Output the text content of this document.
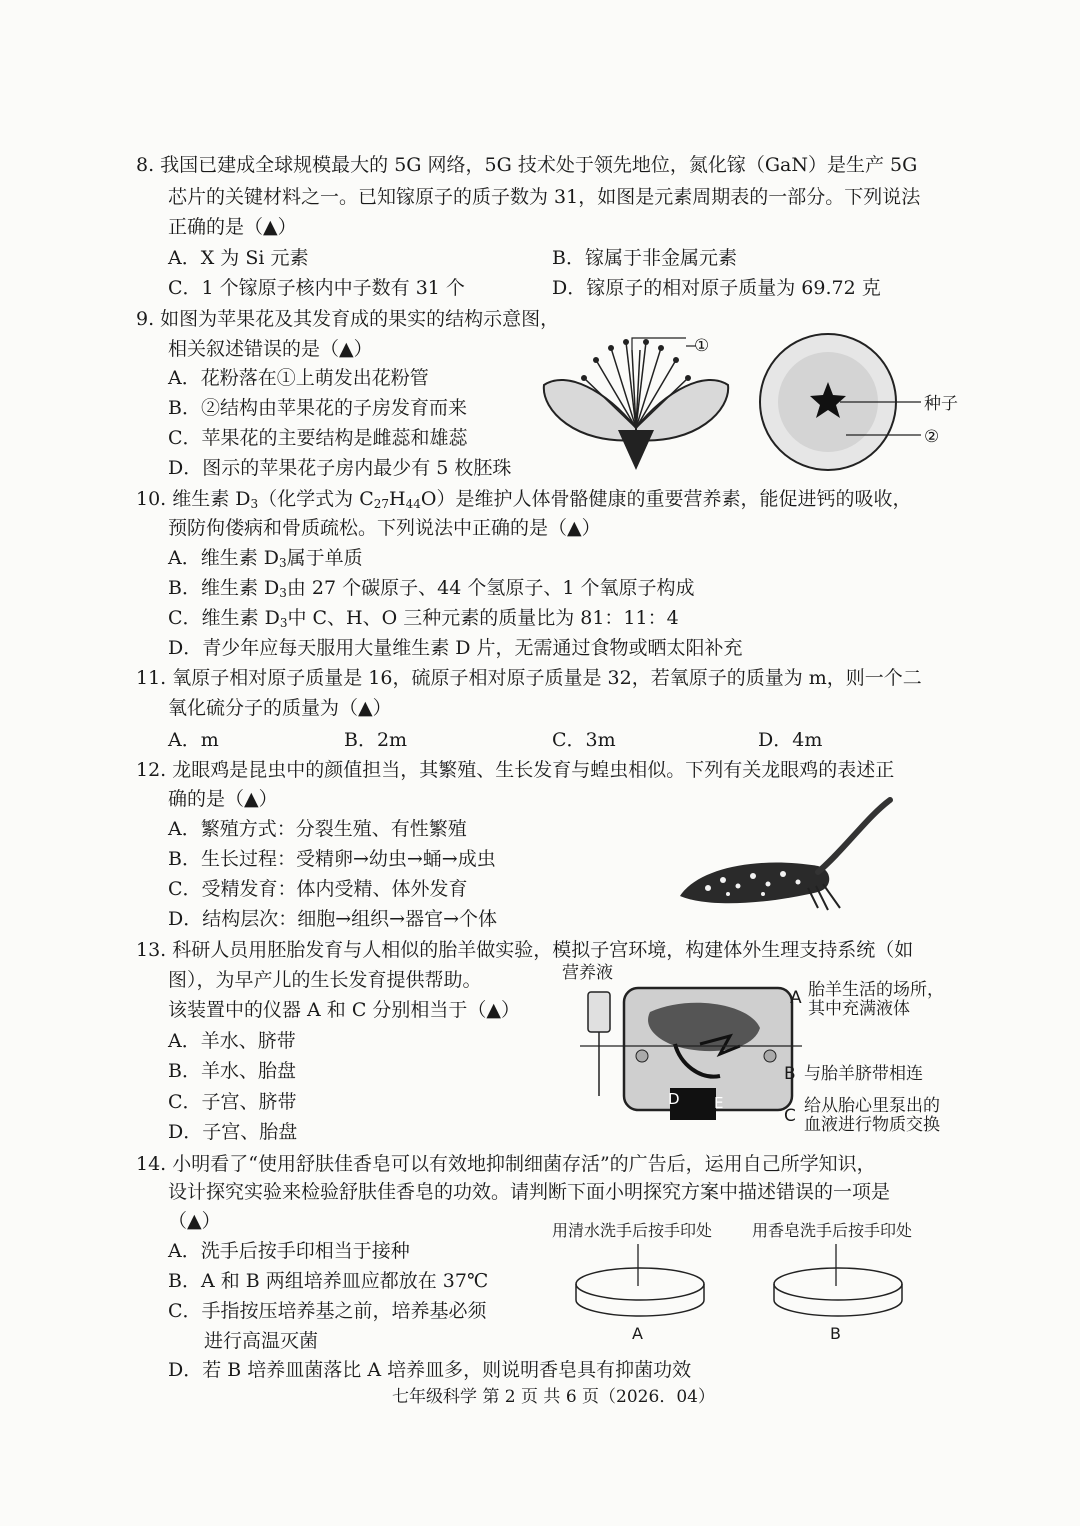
8. 我国已建成全球规模最大的 5G 网络，5G 技术处于领先地位，氮化镓（GaN）是生产 5G
芯片的关键材料之一。已知镓原子的质子数为 31，如图是元素周期表的一部分。下列说法
正确的是（▲）
A．X 为 Si 元素	B．镓属于非金属元素
C．1 个镓原子核内中子数有 31 个	D．镓原子的相对原子质量为 69.72 克
9. 如图为苹果花及其发育成的果实的结构示意图，
相关叙述错误的是（▲）
A．花粉落在①上萌发出花粉管
B．②结构由苹果花的子房发育而来
C．苹果花的主要结构是雌蕊和雄蕊
D．图示的苹果花子房内最少有 5 枚胚珠
①
种子
②
10. 维生素 $D_3$（化学式为 $C_{27}H_{44}O$）是维护人体骨骼健康的重要营养素，能促进钙的吸收，
预防佝偻病和骨质疏松。下列说法中正确的是（▲）
A．维生素 $D_3$属于单质
B．维生素 $D_3$由 27 个碳原子、44 个氢原子、1 个氧原子构成
C．维生素 $D_3$中 C、H、O 三种元素的质量比为 81：11：4
D．青少年应每天服用大量维生素 D 片，无需通过食物或晒太阳补充
11. 氧原子相对原子质量是 16，硫原子相对原子质量是 32，若氧原子的质量为 m，则一个二
氧化硫分子的质量为（▲）
A．m	B．2m	C．3m	D．4m
12. 龙眼鸡是昆虫中的颜值担当，其繁殖、生长发育与蝗虫相似。下列有关龙眼鸡的表述正
确的是（▲）
A．繁殖方式：分裂生殖、有性繁殖
B．生长过程：受精卵→幼虫→蛹→成虫
C．受精发育：体内受精、体外发育
D．结构层次：细胞→组织→器官→个体
13. 科研人员用胚胎发育与人相似的胎羊做实验，模拟子宫环境，构建体外生理支持系统（如
图），为早产儿的生长发育提供帮助。
该装置中的仪器 A 和 C 分别相当于（▲）
A．羊水、脐带
B．羊水、胎盘
C．子宫、脐带
D．子宫、胎盘
营养液
D E
A 胎羊生活的场所，
其中充满液体
B 与胎羊脐带相连
C 给从胎心里泵出的
血液进行物质交换
14. 小明看了“使用舒肤佳香皂可以有效地抑制细菌存活”的广告后，运用自己所学知识，
设计探究实验来检验舒肤佳香皂的功效。请判断下面小明探究方案中描述错误的一项是
（▲）
A．洗手后按手印相当于接种
B．A 和 B 两组培养皿应都放在 37℃
C．手指按压培养基之前，培养基必须
进行高温灭菌
D．若 B 培养皿菌落比 A 培养皿多，则说明香皂具有抑菌功效
用清水洗手后按手印处 用香皂洗手后按手印处
A	B
七年级科学 第 2 页 共 6 页（2026．04）
